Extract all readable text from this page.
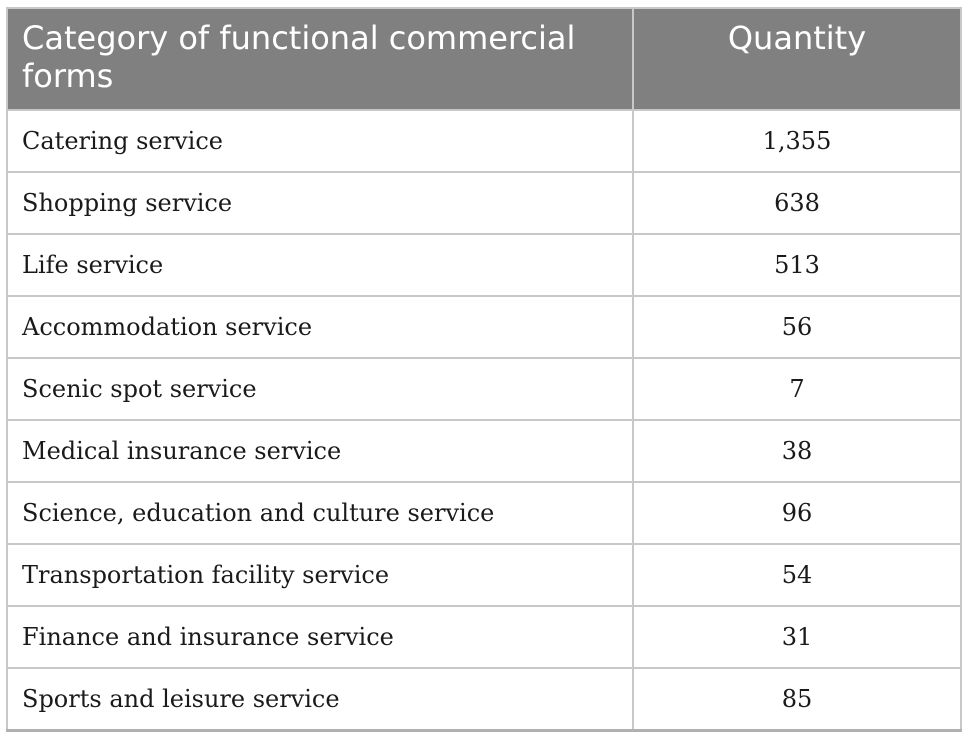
Category of functional commercial forms	Quantity
Catering service	1,355
Shopping service	638
Life service	513
Accommodation service	56
Scenic spot service	7
Medical insurance service	38
Science, education and culture service	96
Transportation facility service	54
Finance and insurance service	31
Sports and leisure service	85
